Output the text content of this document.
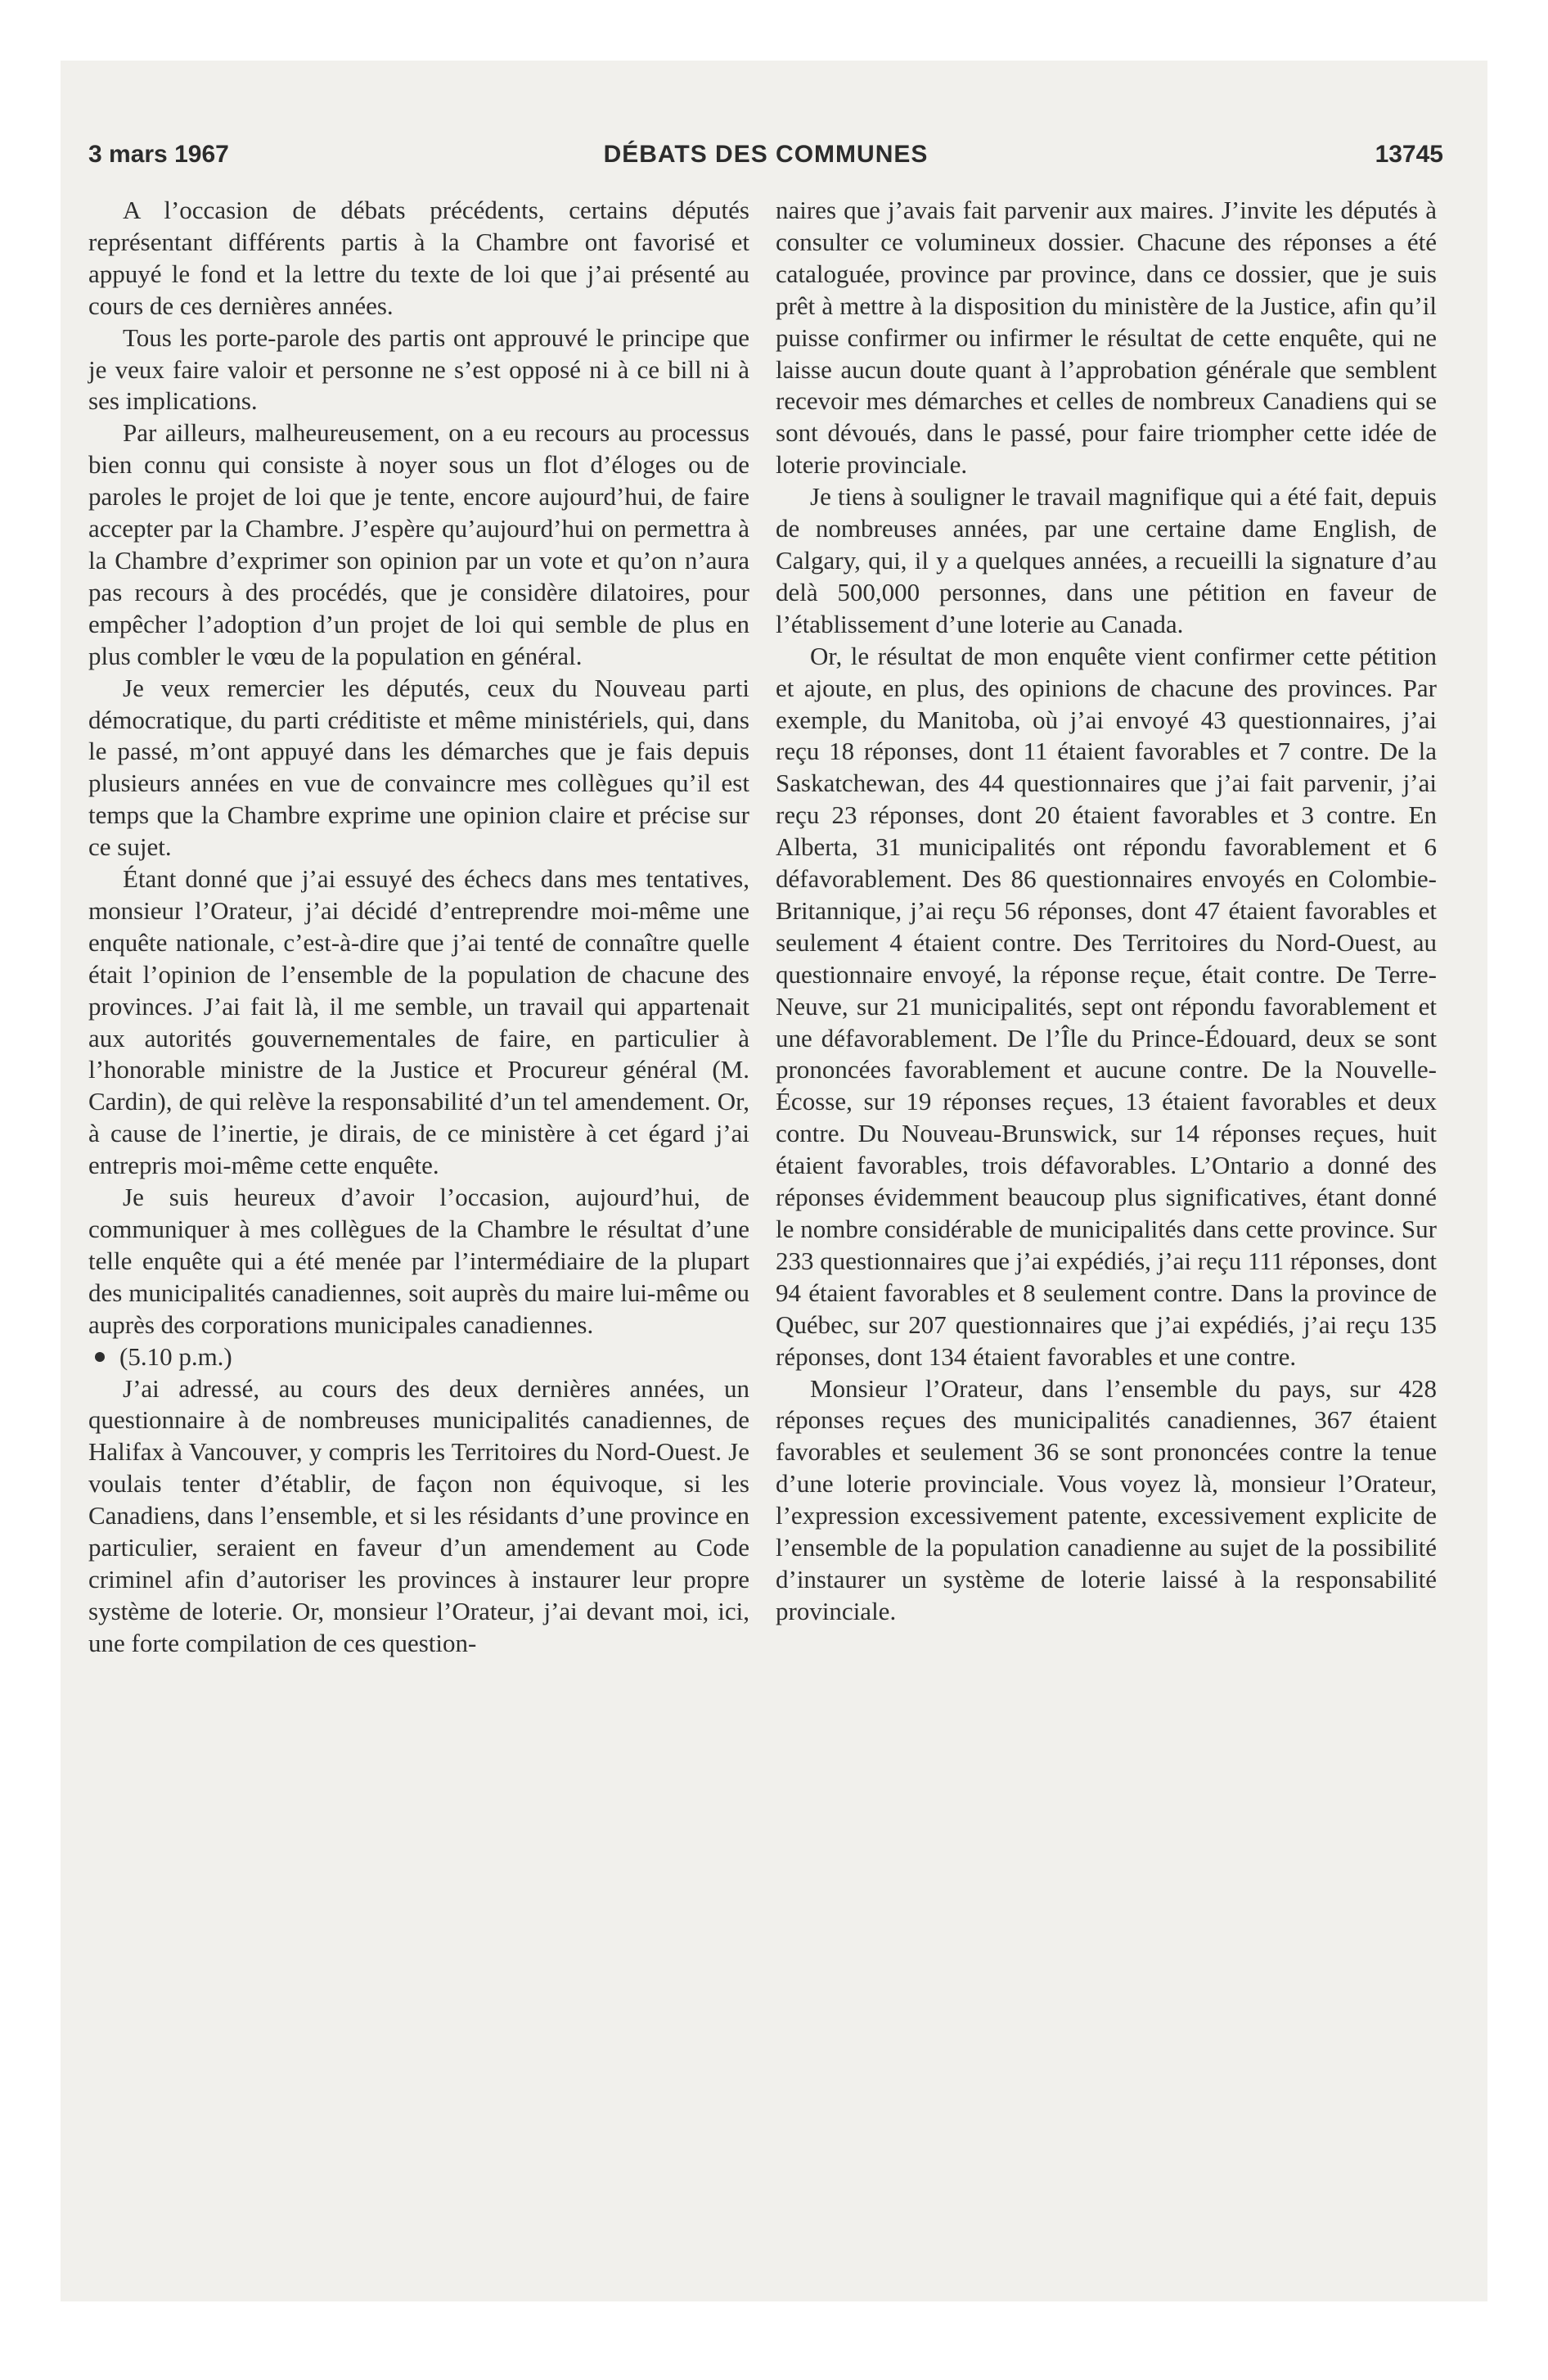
3 mars 1967	DÉBATS DES COMMUNES	13745

A l’occasion de débats précédents, certains députés représentant différents partis à la Chambre ont favorisé et appuyé le fond et la lettre du texte de loi que j’ai présenté au cours de ces dernières années.

Tous les porte-parole des partis ont approuvé le principe que je veux faire valoir et personne ne s’est opposé ni à ce bill ni à ses implications.

Par ailleurs, malheureusement, on a eu recours au processus bien connu qui consiste à noyer sous un flot d’éloges ou de paroles le projet de loi que je tente, encore aujourd’hui, de faire accepter par la Chambre. J’espère qu’aujourd’hui on permettra à la Chambre d’exprimer son opinion par un vote et qu’on n’aura pas recours à des procédés, que je considère dilatoires, pour empêcher l’adoption d’un projet de loi qui semble de plus en plus combler le vœu de la population en général.

Je veux remercier les députés, ceux du Nouveau parti démocratique, du parti créditiste et même ministériels, qui, dans le passé, m’ont appuyé dans les démarches que je fais depuis plusieurs années en vue de convaincre mes collègues qu’il est temps que la Chambre exprime une opinion claire et précise sur ce sujet.

Étant donné que j’ai essuyé des échecs dans mes tentatives, monsieur l’Orateur, j’ai décidé d’entreprendre moi-même une enquête nationale, c’est-à-dire que j’ai tenté de connaître quelle était l’opinion de l’ensemble de la population de chacune des provinces. J’ai fait là, il me semble, un travail qui appartenait aux autorités gouvernementales de faire, en particulier à l’honorable ministre de la Justice et Procureur général (M. Cardin), de qui relève la responsabilité d’un tel amendement. Or, à cause de l’inertie, je dirais, de ce ministère à cet égard j’ai entrepris moi-même cette enquête.

Je suis heureux d’avoir l’occasion, aujourd’hui, de communiquer à mes collègues de la Chambre le résultat d’une telle enquête qui a été menée par l’intermédiaire de la plupart des municipalités canadiennes, soit auprès du maire lui-même ou auprès des corporations municipales canadiennes.

(5.10 p.m.)

J’ai adressé, au cours des deux dernières années, un questionnaire à de nombreuses municipalités canadiennes, de Halifax à Vancouver, y compris les Territoires du Nord-Ouest. Je voulais tenter d’établir, de façon non équivoque, si les Canadiens, dans l’ensemble, et si les résidants d’une province en particulier, seraient en faveur d’un amendement au Code criminel afin d’autoriser les provinces à instaurer leur propre système de loterie. Or, monsieur l’Orateur, j’ai devant moi, ici, une forte compilation de ces question-

naires que j’avais fait parvenir aux maires. J’invite les députés à consulter ce volumineux dossier. Chacune des réponses a été cataloguée, province par province, dans ce dossier, que je suis prêt à mettre à la disposition du ministère de la Justice, afin qu’il puisse confirmer ou infirmer le résultat de cette enquête, qui ne laisse aucun doute quant à l’approbation générale que semblent recevoir mes démarches et celles de nombreux Canadiens qui se sont dévoués, dans le passé, pour faire triompher cette idée de loterie provinciale.

Je tiens à souligner le travail magnifique qui a été fait, depuis de nombreuses années, par une certaine dame English, de Calgary, qui, il y a quelques années, a recueilli la signature d’au delà 500,000 personnes, dans une pétition en faveur de l’établissement d’une loterie au Canada.

Or, le résultat de mon enquête vient confirmer cette pétition et ajoute, en plus, des opinions de chacune des provinces. Par exemple, du Manitoba, où j’ai envoyé 43 questionnaires, j’ai reçu 18 réponses, dont 11 étaient favorables et 7 contre. De la Saskatchewan, des 44 questionnaires que j’ai fait parvenir, j’ai reçu 23 réponses, dont 20 étaient favorables et 3 contre. En Alberta, 31 municipalités ont répondu favorablement et 6 défavorablement. Des 86 questionnaires envoyés en Colombie-Britannique, j’ai reçu 56 réponses, dont 47 étaient favorables et seulement 4 étaient contre. Des Territoires du Nord-Ouest, au questionnaire envoyé, la réponse reçue, était contre. De Terre-Neuve, sur 21 municipalités, sept ont répondu favorablement et une défavorablement. De l’Île du Prince-Édouard, deux se sont prononcées favorablement et aucune contre. De la Nouvelle-Écosse, sur 19 réponses reçues, 13 étaient favorables et deux contre. Du Nouveau-Brunswick, sur 14 réponses reçues, huit étaient favorables, trois défavorables. L’Ontario a donné des réponses évidemment beaucoup plus significatives, étant donné le nombre considérable de municipalités dans cette province. Sur 233 questionnaires que j’ai expédiés, j’ai reçu 111 réponses, dont 94 étaient favorables et 8 seulement contre. Dans la province de Québec, sur 207 questionnaires que j’ai expédiés, j’ai reçu 135 réponses, dont 134 étaient favorables et une contre.

Monsieur l’Orateur, dans l’ensemble du pays, sur 428 réponses reçues des municipalités canadiennes, 367 étaient favorables et seulement 36 se sont prononcées contre la tenue d’une loterie provinciale. Vous voyez là, monsieur l’Orateur, l’expression excessivement patente, excessivement explicite de l’ensemble de la population canadienne au sujet de la possibilité d’instaurer un système de loterie laissé à la responsabilité provinciale.
